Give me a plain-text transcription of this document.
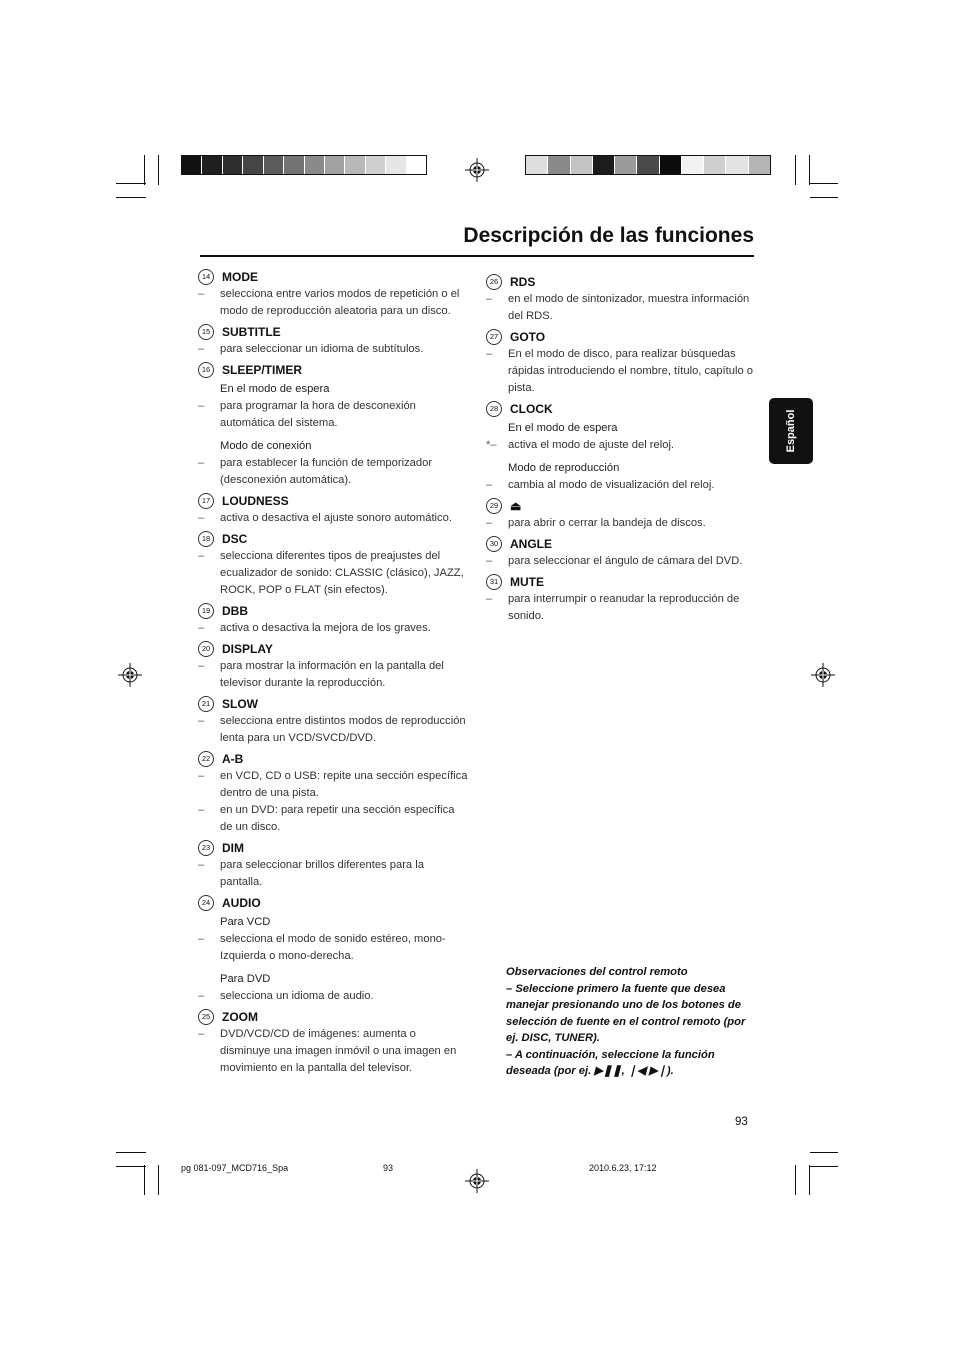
Descripción de las funciones
14 MODE
–	selecciona entre varios modos de repetición o el modo de reproducción aleatoria para un disco.
15 SUBTITLE
–	para seleccionar un idioma de subtítulos.
16 SLEEP/TIMER
En el modo de espera
–	para programar la hora de desconexión automática del sistema.
Modo de conexión
–	para establecer la función de temporizador (desconexión automática).
17 LOUDNESS
–	activa o desactiva el ajuste sonoro automático.
18 DSC
–	selecciona diferentes tipos de preajustes del ecualizador de sonido: CLASSIC (clásico), JAZZ, ROCK, POP o FLAT (sin efectos).
19 DBB
–	activa o desactiva la mejora de los graves.
20 DISPLAY
–	para mostrar la información en la pantalla del televisor durante la reproducción.
21 SLOW
–	selecciona entre distintos modos de reproducción lenta para un VCD/SVCD/DVD.
22 A-B
–	en VCD, CD o USB: repite una sección específica dentro de una pista.
–	en un DVD: para repetir una sección específica de un disco.
23 DIM
–	para seleccionar brillos diferentes para la pantalla.
24 AUDIO
Para VCD
–	selecciona el modo de sonido estéreo, mono-Izquierda o mono-derecha.
Para DVD
–	selecciona un idioma de audio.
25 ZOOM
–	DVD/VCD/CD de imágenes: aumenta o disminuye una imagen inmóvil o una imagen en movimiento en la pantalla del televisor.
26 RDS
–	en el modo de sintonizador, muestra información del RDS.
27 GOTO
–	En el modo de disco, para realizar búsquedas rápidas introduciendo el nombre, título, capítulo o pista.
28 CLOCK
En el modo de espera
*–	activa el modo de ajuste del reloj.
Modo de reproducción
–	cambia al modo de visualización del reloj.
29 ⏏
–	para abrir o cerrar la bandeja de discos.
30 ANGLE
–	para seleccionar el ángulo de cámara del DVD.
31 MUTE
–	para interrumpir o reanudar la reproducción de sonido.
Español
Observaciones del control remoto
– Seleccione primero la fuente que desea manejar presionando uno de los botones de selección de fuente en el control remoto (por ej. DISC, TUNER).
– A continuación, seleccione la función deseada (por ej. ▶❚❚, ❘◀ ▶❘).
93
pg 081-097_MCD716_Spa	93	2010.6.23, 17:12
